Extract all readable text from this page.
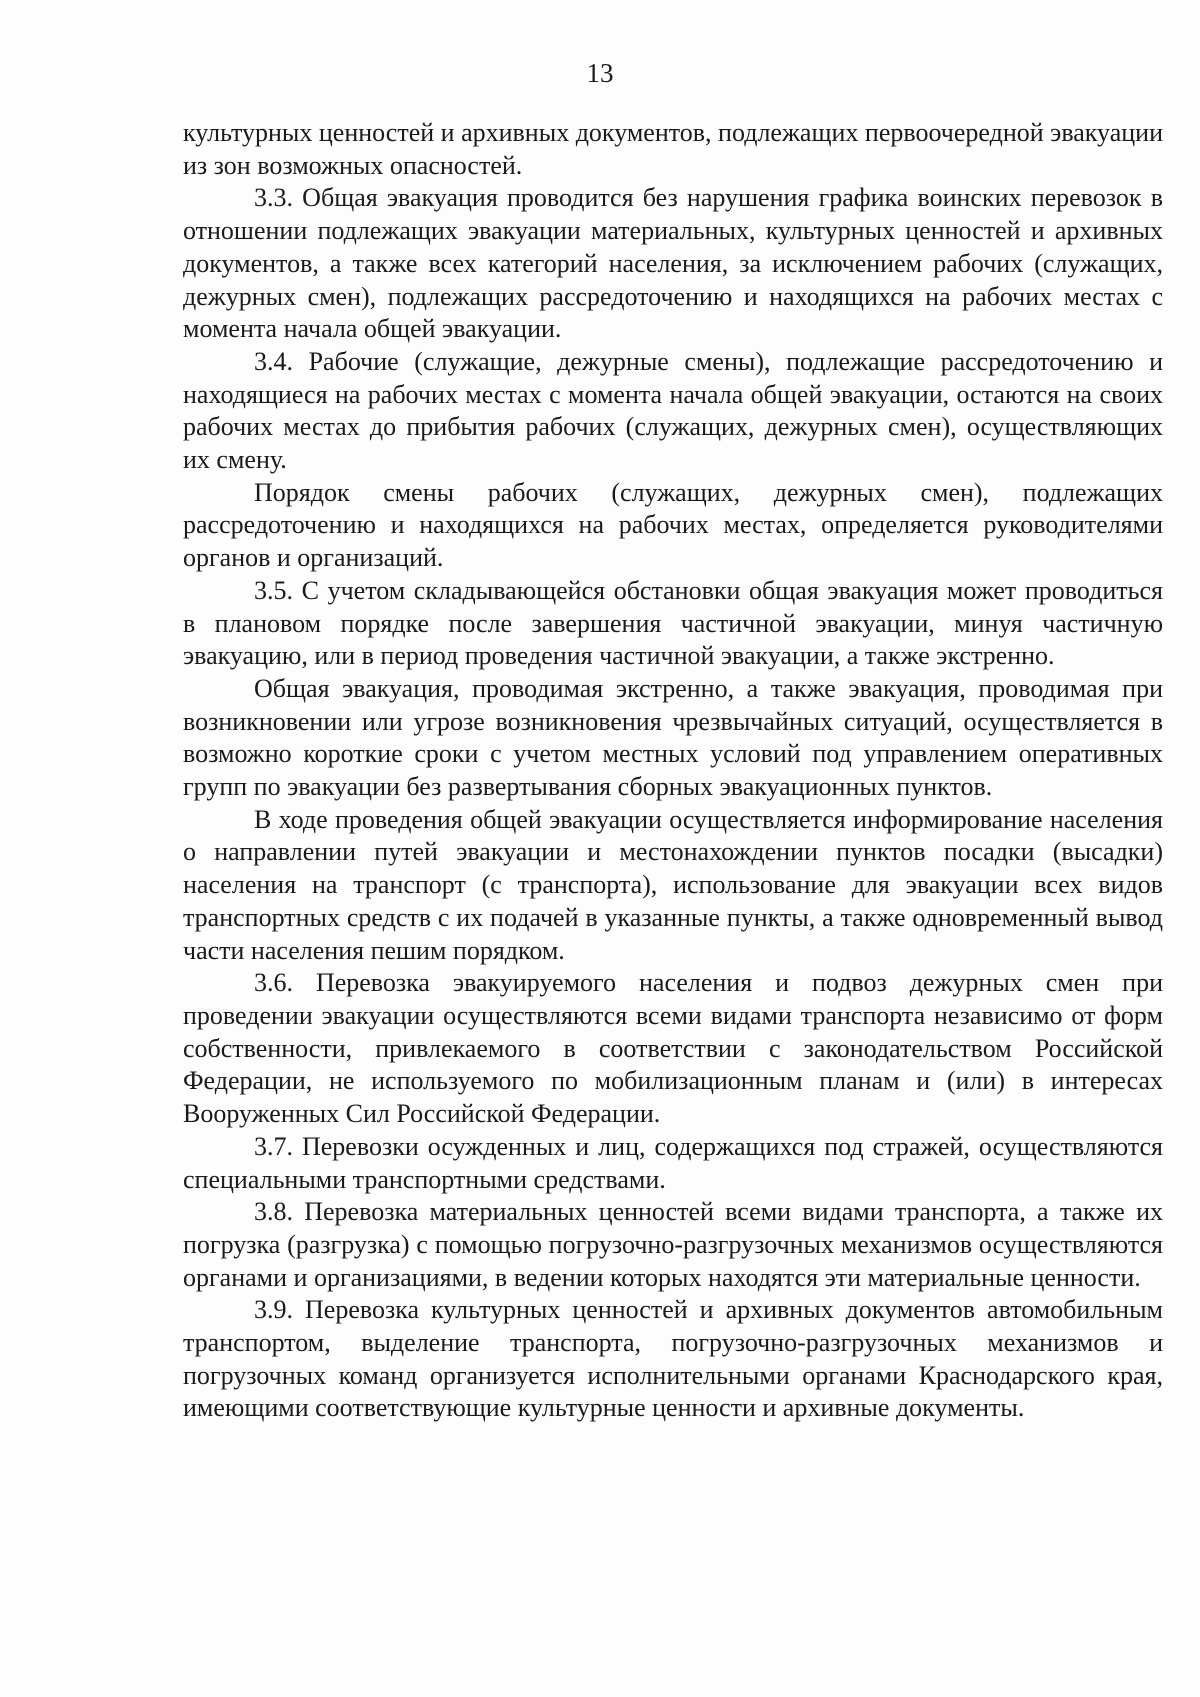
13

культурных ценностей и архивных документов, подлежащих первоочередной эвакуации из зон возможных опасностей.

3.3. Общая эвакуация проводится без нарушения графика воинских перевозок в отношении подлежащих эвакуации материальных, культурных ценностей и архивных документов, а также всех категорий населения, за исключением рабочих (служащих, дежурных смен), подлежащих рассредоточению и находящихся на рабочих местах с момента начала общей эвакуации.

3.4. Рабочие (служащие, дежурные смены), подлежащие рассредоточению и находящиеся на рабочих местах с момента начала общей эвакуации, остаются на своих рабочих местах до прибытия рабочих (служащих, дежурных смен), осуществляющих их смену.

Порядок смены рабочих (служащих, дежурных смен), подлежащих рассредоточению и находящихся на рабочих местах, определяется руководителями органов и организаций.

3.5. С учетом складывающейся обстановки общая эвакуация может проводиться в плановом порядке после завершения частичной эвакуации, минуя частичную эвакуацию, или в период проведения частичной эвакуации, а также экстренно.

Общая эвакуация, проводимая экстренно, а также эвакуация, проводимая при возникновении или угрозе возникновения чрезвычайных ситуаций, осуществляется в возможно короткие сроки с учетом местных условий под управлением оперативных групп по эвакуации без развертывания сборных эвакуационных пунктов.

В ходе проведения общей эвакуации осуществляется информирование населения о направлении путей эвакуации и местонахождении пунктов посадки (высадки) населения на транспорт (с транспорта), использование для эвакуации всех видов транспортных средств с их подачей в указанные пункты, а также одновременный вывод части населения пешим порядком.

3.6. Перевозка эвакуируемого населения и подвоз дежурных смен при проведении эвакуации осуществляются всеми видами транспорта независимо от форм собственности, привлекаемого в соответствии с законодательством Российской Федерации, не используемого по мобилизационным планам и (или) в интересах Вооруженных Сил Российской Федерации.

3.7. Перевозки осужденных и лиц, содержащихся под стражей, осуществляются специальными транспортными средствами.

3.8. Перевозка материальных ценностей всеми видами транспорта, а также их погрузка (разгрузка) с помощью погрузочно-разгрузочных механизмов осуществляются органами и организациями, в ведении которых находятся эти материальные ценности.

3.9. Перевозка культурных ценностей и архивных документов автомобильным транспортом, выделение транспорта, погрузочно-разгрузочных механизмов и погрузочных команд организуется исполнительными органами Краснодарского края, имеющими соответствующие культурные ценности и архивные документы.
